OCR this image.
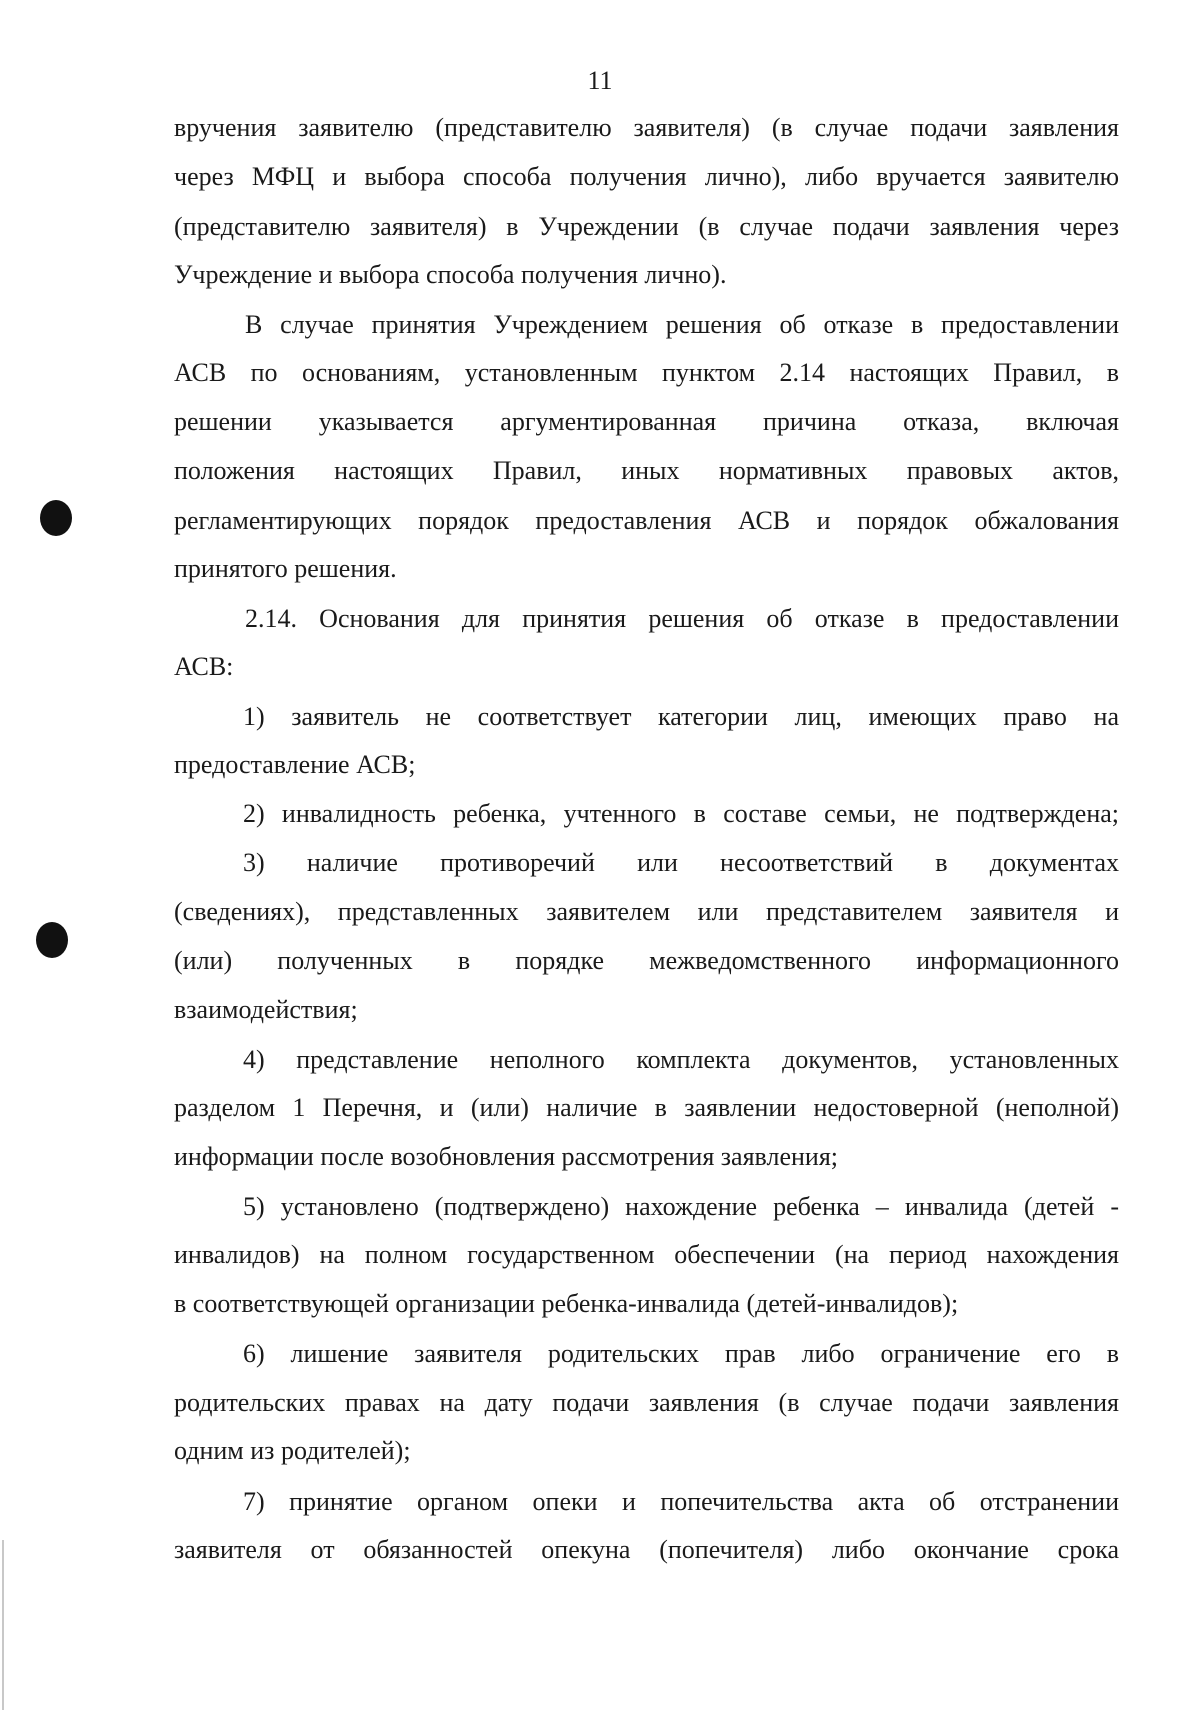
11
вручения заявителю (представителю заявителя) (в случае подачи заявления
через МФЦ и выбора способа получения лично), либо вручается заявителю
(представителю заявителя) в Учреждении (в случае подачи заявления через
Учреждение и выбора способа получения лично).
В случае принятия Учреждением решения об отказе в предоставлении
АСВ по основаниям, установленным пунктом 2.14 настоящих Правил, в
решении указывается аргументированная причина отказа, включая
положения настоящих Правил, иных нормативных правовых актов,
регламентирующих порядок предоставления АСВ и порядок обжалования
принятого решения.
2.14. Основания для принятия решения об отказе в предоставлении
АСВ:
1) заявитель не соответствует категории лиц, имеющих право на
предоставление АСВ;
2) инвалидность ребенка, учтенного в составе семьи, не подтверждена;
3) наличие противоречий или несоответствий в документах
(сведениях), представленных заявителем или представителем заявителя и
(или) полученных в порядке межведомственного информационного
взаимодействия;
4) представление неполного комплекта документов, установленных
разделом 1 Перечня, и (или) наличие в заявлении недостоверной (неполной)
информации после возобновления рассмотрения заявления;
5) установлено (подтверждено) нахождение ребенка – инвалида (детей -
инвалидов) на полном государственном обеспечении (на период нахождения
в соответствующей организации ребенка-инвалида (детей-инвалидов);
6) лишение заявителя родительских прав либо ограничение его в
родительских правах на дату подачи заявления (в случае подачи заявления
одним из родителей);
7) принятие органом опеки и попечительства акта об отстранении
заявителя от обязанностей опекуна (попечителя) либо окончание срока
